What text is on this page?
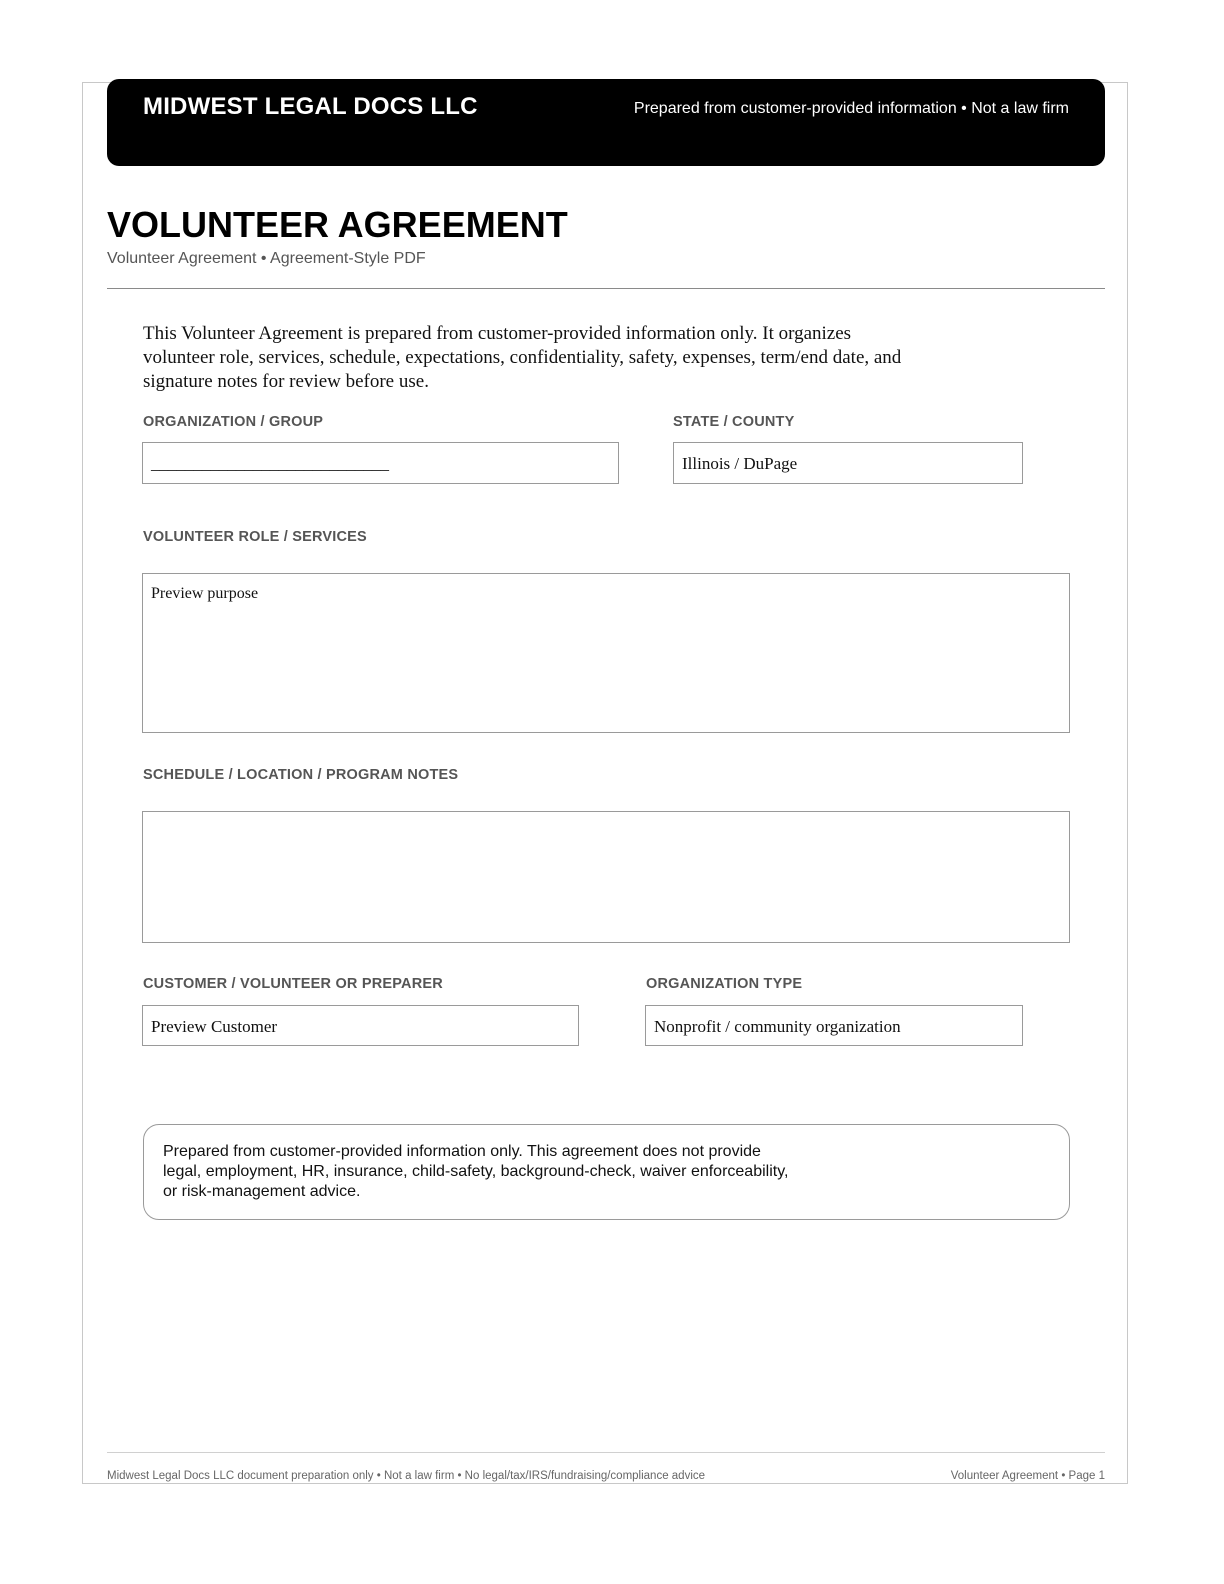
MIDWEST LEGAL DOCS LLC	Prepared from customer-provided information • Not a law firm
VOLUNTEER AGREEMENT
Volunteer Agreement • Agreement-Style PDF

This Volunteer Agreement is prepared from customer-provided information only. It organizes volunteer role, services, schedule, expectations, confidentiality, safety, expenses, term/end date, and signature notes for review before use.

ORGANIZATION / GROUP
____________________________
STATE / COUNTY
Illinois / DuPage
VOLUNTEER ROLE / SERVICES
Preview purpose
SCHEDULE / LOCATION / PROGRAM NOTES
CUSTOMER / VOLUNTEER OR PREPARER
Preview Customer
ORGANIZATION TYPE
Nonprofit / community organization

Prepared from customer-provided information only. This agreement does not provide legal, employment, HR, insurance, child-safety, background-check, waiver enforceability, or risk-management advice.

Midwest Legal Docs LLC document preparation only • Not a law firm • No legal/tax/IRS/fundraising/compliance advice	Volunteer Agreement • Page 1
